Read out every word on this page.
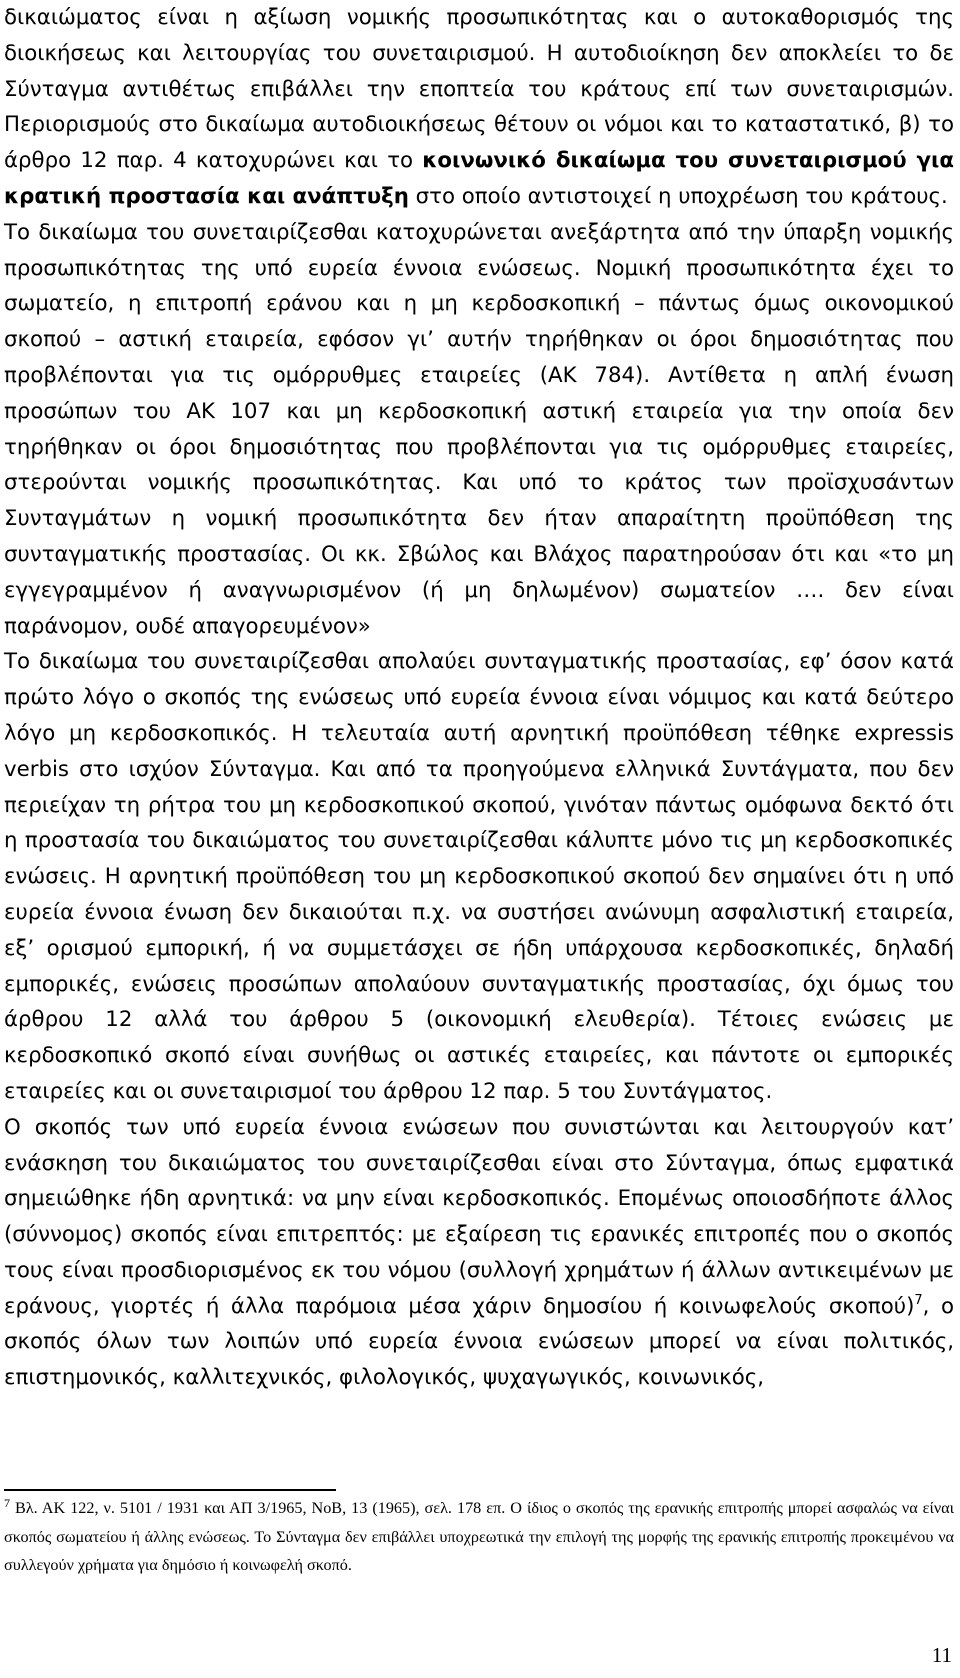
δικαιώματος είναι η αξίωση νομικής προσωπικότητας και ο αυτοκαθορισμός της διοικήσεως και λειτουργίας του συνεταιρισμού. Η αυτοδιοίκηση δεν αποκλείει το δε Σύνταγμα αντιθέτως επιβάλλει την εποπτεία του κράτους επί των συνεταιρισμών. Περιορισμούς στο δικαίωμα αυτοδιοικήσεως θέτουν οι νόμοι και το καταστατικό, β) το άρθρο 12 παρ. 4 κατοχυρώνει και το κοινωνικό δικαίωμα του συνεταιρισμού για κρατική προστασία και ανάπτυξη στο οποίο αντιστοιχεί η υποχρέωση του κράτους.

Το δικαίωμα του συνεταιρίζεσθαι κατοχυρώνεται ανεξάρτητα από την ύπαρξη νομικής προσωπικότητας της υπό ευρεία έννοια ενώσεως. Νομική προσωπικότητα έχει το σωματείο, η επιτροπή εράνου και η μη κερδοσκοπική – πάντως όμως οικονομικού σκοπού – αστική εταιρεία, εφόσον γι’ αυτήν τηρήθηκαν οι όροι δημοσιότητας που προβλέπονται για τις ομόρρυθμες εταιρείες (ΑΚ 784). Αντίθετα η απλή ένωση προσώπων του ΑΚ 107 και μη κερδοσκοπική αστική εταιρεία για την οποία δεν τηρήθηκαν οι όροι δημοσιότητας που προβλέπονται για τις ομόρρυθμες εταιρείες, στερούνται νομικής προσωπικότητας. Και υπό το κράτος των προϊσχυσάντων Συνταγμάτων η νομική προσωπικότητα δεν ήταν απαραίτητη προϋπόθεση της συνταγματικής προστασίας. Οι κκ. Σβώλος και Βλάχος παρατηρούσαν ότι και «το μη εγγεγραμμένον ή αναγνωρισμένον (ή μη δηλωμένον) σωματείον …. δεν είναι παράνομον, ουδέ απαγορευμένον»

Το δικαίωμα του συνεταιρίζεσθαι απολαύει συνταγματικής προστασίας, εφ’ όσον κατά πρώτο λόγο ο σκοπός της ενώσεως υπό ευρεία έννοια είναι νόμιμος και κατά δεύτερο λόγο μη κερδοσκοπικός. Η τελευταία αυτή αρνητική προϋπόθεση τέθηκε expressis verbis στο ισχύον Σύνταγμα. Και από τα προηγούμενα ελληνικά Συντάγματα, που δεν περιείχαν τη ρήτρα του μη κερδοσκοπικού σκοπού, γινόταν πάντως ομόφωνα δεκτό ότι η προστασία του δικαιώματος του συνεταιρίζεσθαι κάλυπτε μόνο τις μη κερδοσκοπικές ενώσεις. Η αρνητική προϋπόθεση του μη κερδοσκοπικού σκοπού δεν σημαίνει ότι η υπό ευρεία έννοια ένωση δεν δικαιούται π.χ. να συστήσει ανώνυμη ασφαλιστική εταιρεία, εξ’ ορισμού εμπορική, ή να συμμετάσχει σε ήδη υπάρχουσα κερδοσκοπικές, δηλαδή εμπορικές, ενώσεις προσώπων απολαύουν συνταγματικής προστασίας, όχι όμως του άρθρου 12 αλλά του άρθρου 5 (οικονομική ελευθερία). Τέτοιες ενώσεις με κερδοσκοπικό σκοπό είναι συνήθως οι αστικές εταιρείες, και πάντοτε οι εμπορικές εταιρείες και οι συνεταιρισμοί του άρθρου 12 παρ. 5 του Συντάγματος.

Ο σκοπός των υπό ευρεία έννοια ενώσεων που συνιστώνται και λειτουργούν κατ’ ενάσκηση του δικαιώματος του συνεταιρίζεσθαι είναι στο Σύνταγμα, όπως εμφατικά σημειώθηκε ήδη αρνητικά: να μην είναι κερδοσκοπικός. Επομένως οποιοσδήποτε άλλος (σύννομος) σκοπός είναι επιτρεπτός: με εξαίρεση τις ερανικές επιτροπές που ο σκοπός τους είναι προσδιορισμένος εκ του νόμου (συλλογή χρημάτων ή άλλων αντικειμένων με εράνους, γιορτές ή άλλα παρόμοια μέσα χάριν δημοσίου ή κοινωφελούς σκοπού)$^7$, ο σκοπός όλων των λοιπών υπό ευρεία έννοια ενώσεων μπορεί να είναι πολιτικός, επιστημονικός, καλλιτεχνικός, φιλολογικός, ψυχαγωγικός, κοινωνικός,

$^7$ Βλ. ΑΚ 122, ν. 5101 / 1931 και ΑΠ 3/1965, ΝοΒ, 13 (1965), σελ. 178 επ. Ο ίδιος ο σκοπός της ερανικής επιτροπής μπορεί ασφαλώς να είναι σκοπός σωματείου ή άλλης ενώσεως. Το Σύνταγμα δεν επιβάλλει υποχρεωτικά την επιλογή της μορφής της ερανικής επιτροπής προκειμένου να συλλεγούν χρήματα για δημόσιο ή κοινωφελή σκοπό.
11
